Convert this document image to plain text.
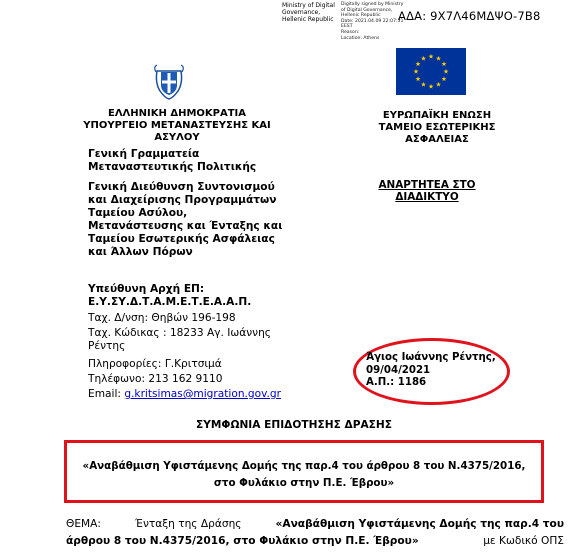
ΑΔΑ: 9Χ7Λ46ΜΔΨΟ-7Β8
Ministry of Digital
Governance,
Hellenic Republic
Digitally signed by Ministry
of Digital Governance,
Hellenic Republic
Date: 2021.04.09 22:07:31
EEST
Reason:
Location: Athens
ΕΛΛΗΝΙΚΗ ΔΗΜΟΚΡΑΤΙΑ
ΥΠΟΥΡΓΕΙΟ ΜΕΤΑΝΑΣΤΕΥΣΗΣ ΚΑΙ
ΑΣΥΛΟΥ
Γενική Γραμματεία
Μεταναστευτικής Πολιτικής
Γενική Διεύθυνση Συντονισμού
και Διαχείρισης Προγραμμάτων
Ταμείου Ασύλου,
Μετανάστευσης και Ένταξης και
Ταμείου Εσωτερικής Ασφάλειας
και Άλλων Πόρων
Υπεύθυνη Αρχή ΕΠ:
Ε.Υ.ΣΥ.Δ.Τ.Α.Μ.Ε.Τ.Ε.Α.Α.Π.
Ταχ. Δ/νση: Θηβών 196-198
Ταχ. Κώδικας : 18233 Αγ. Ιωάννης
Ρέντης
Πληροφορίες: Γ.Κριτσιμά
Τηλέφωνο: 213 162 9110
Email: g.kritsimas@migration.gov.gr
ΕΥΡΩΠΑΪΚΗ ΕΝΩΣΗ
ΤΑΜΕΙΟ ΕΣΩΤΕΡΙΚΗΣ
ΑΣΦΑΛΕΙΑΣ
ΑΝΑΡΤΗΤΕΑ ΣΤΟ
ΔΙΑΔΙΚΤΥΟ
Άγιος Ιωάννης Ρέντης,
09/04/2021
Α.Π.: 1186
ΣΥΜΦΩΝΙΑ ΕΠΙΔΟΤΗΣΗΣ ΔΡΑΣΗΣ
«Αναβάθμιση Υφιστάμενης Δομής της παρ.4 του άρθρου 8 του Ν.4375/2016,
στο Φυλάκιο στην Π.Ε. Έβρου»
ΘΕΜΑ:	Ένταξη της Δράσης	«Αναβάθμιση Υφιστάμενης Δομής της παρ.4 του
άρθρου 8 του Ν.4375/2016, στο Φυλάκιο στην Π.Ε. Έβρου»	με Κωδικό ΟΠΣ
